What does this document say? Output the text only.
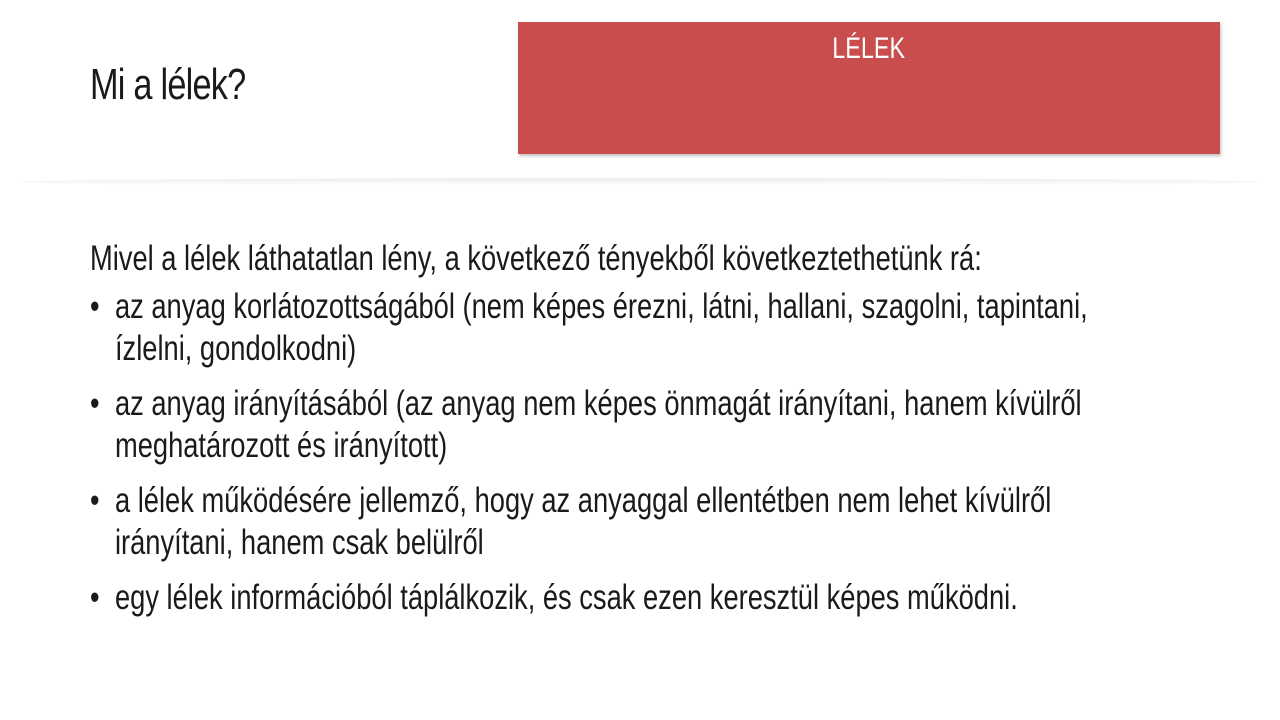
Mi a lélek?
LÉLEK

Mivel a lélek láthatatlan lény, a következő tényekből következtethetünk rá:

• az anyag korlátozottságából (nem képes érezni, látni, hallani, szagolni, tapintani,
ízlelni, gondolkodni)
• az anyag irányításából (az anyag nem képes önmagát irányítani, hanem kívülről
meghatározott és irányított)
• a lélek működésére jellemző, hogy az anyaggal ellentétben nem lehet kívülről
irányítani, hanem csak belülről
• egy lélek információból táplálkozik, és csak ezen keresztül képes működni.
